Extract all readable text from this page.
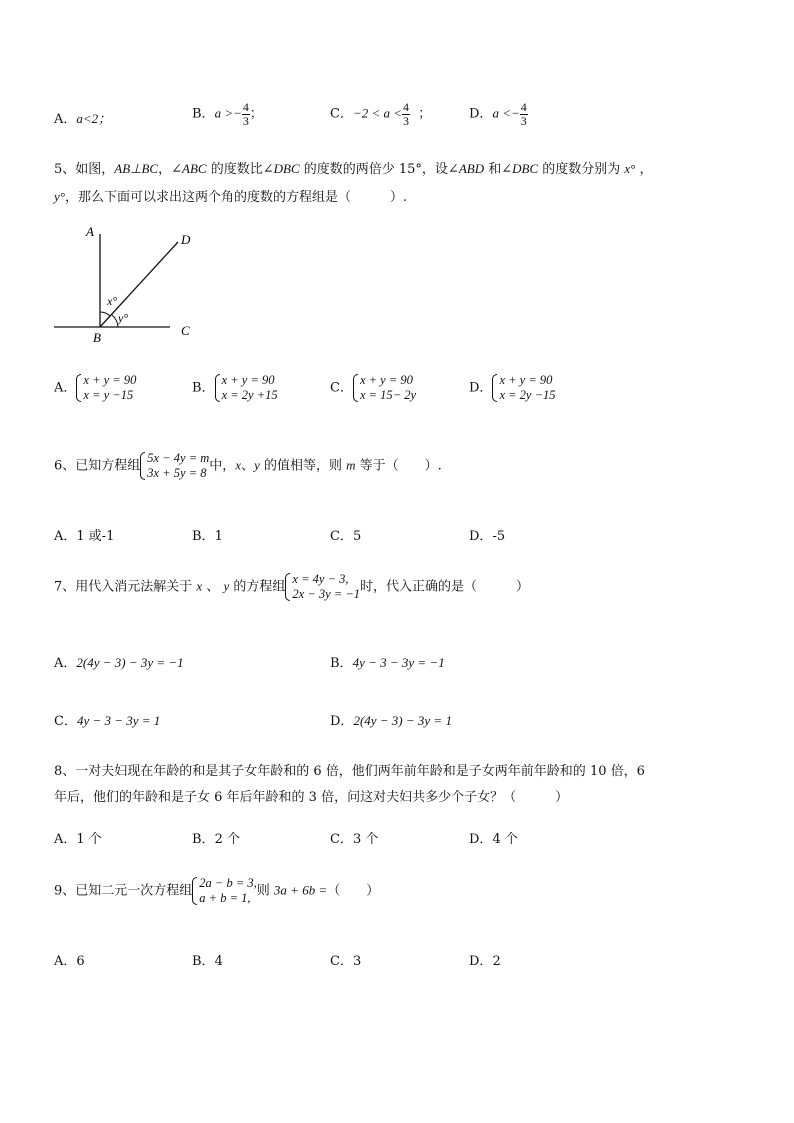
A．a<2；	B．$a >- \frac{4}{3}$ ；	C．$-2 < a < \frac{4}{3}$ ；	D．$a <- \frac{4}{3}$
5、如图，AB⊥BC，∠ABC 的度数比∠DBC 的度数的两倍少 15°，设∠ABD 和∠DBC 的度数分别为 x° ，
y°，那么下面可以求出这两个角的度数的方程组是（　　　）.
A
B	C
D
x°
y°
A．
x + y = 90
x = y −15	B．
x + y = 90
x = 2y +15	C．
x + y = 90
x = 15− 2y	D．
x + y = 90
x = 2y −15
6、已知方程组
5x − 4y = m
3x + 5y = 8 中，x、y 的值相等，则 m 等于（　　）.
A．1 或-1	B．1	C．5	D．-5
7、用代入消元法解关于 x 、 y 的方程组
x = 4y − 3,
2x − 3y = −1 时，代入正确的是（　　　）
A．2(4y − 3) − 3y = −1	B．4y − 3 − 3y = −1
C．4y − 3 − 3y = 1	D．2(4y − 3) − 3y = 1
8、一对夫妇现在年龄的和是其子女年龄和的 6 倍，他们两年前年龄和是子女两年前年龄和的 10 倍，6
年后，他们的年龄和是子女 6 年后年龄和的 3 倍，问这对夫妇共多少个子女？（　　　）
A．1 个	B．2 个	C．3 个	D．4 个
9、已知二元一次方程组
2a − b = 3,
a + b = 1, 则 3a + 6b =（　　）
A．6	B．4	C．3	D．2
